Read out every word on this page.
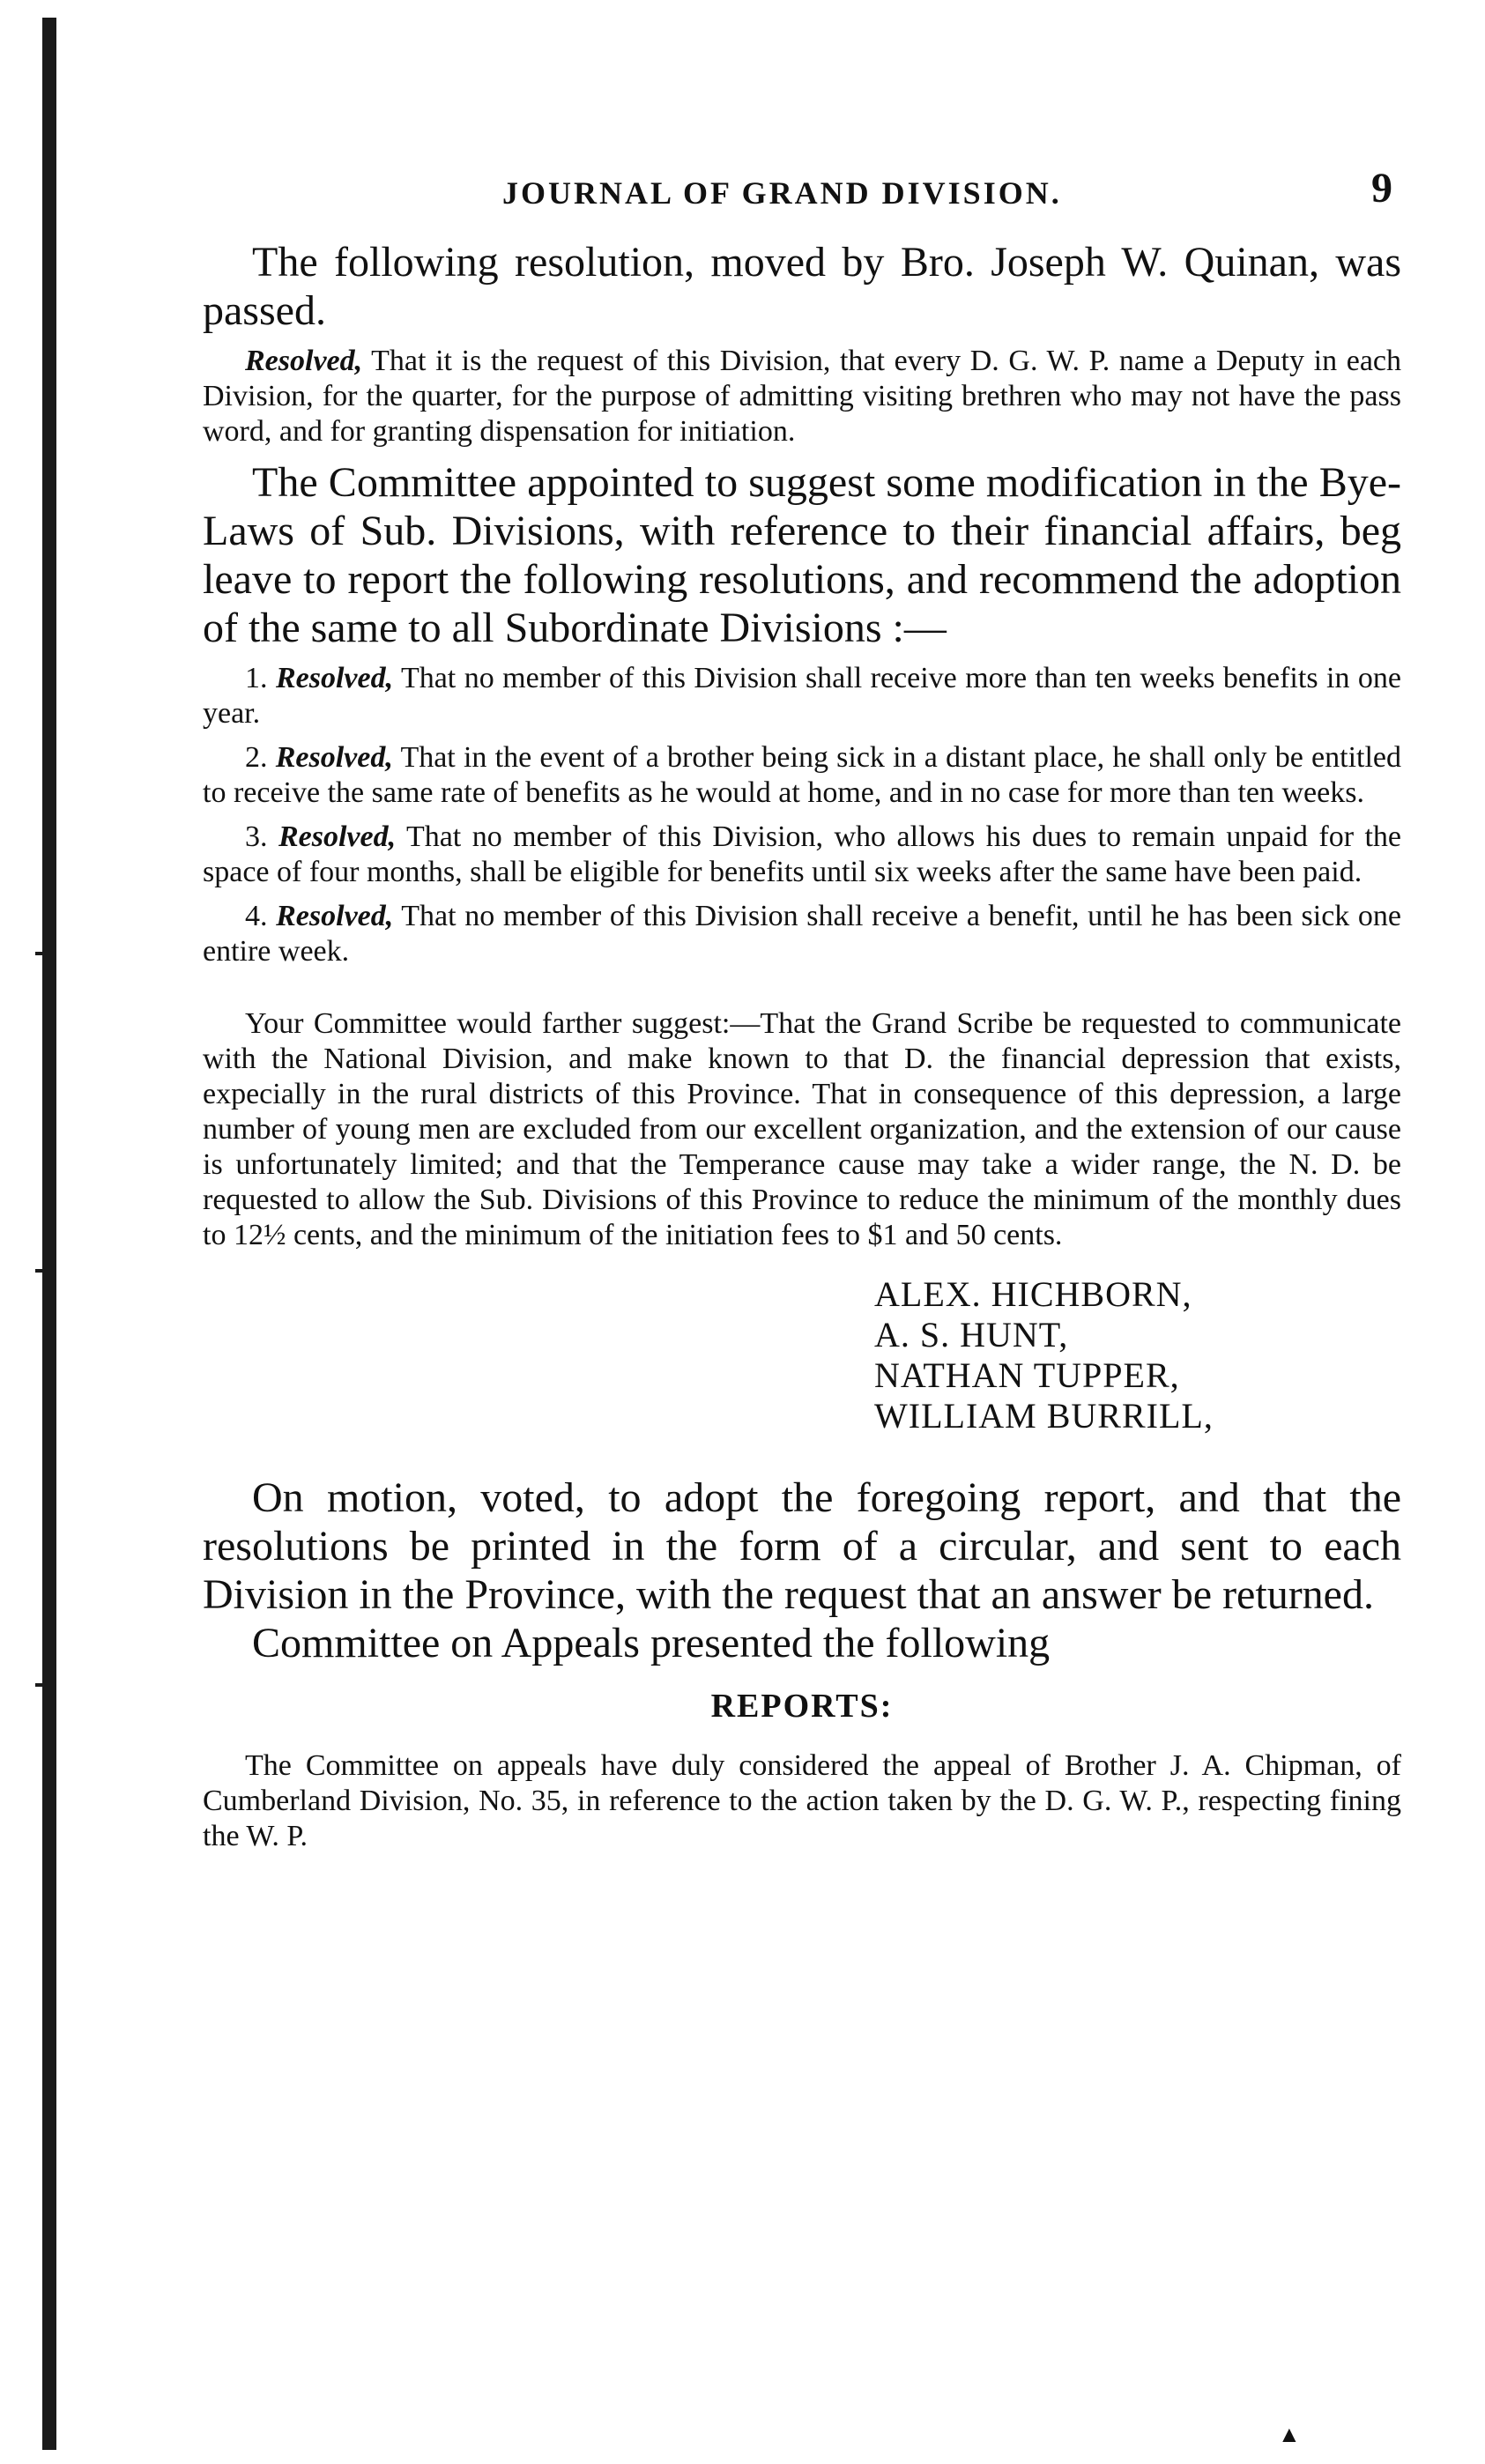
JOURNAL OF GRAND DIVISION.	9

The following resolution, moved by Bro. Joseph W. Quinan, was passed.

Resolved, That it is the request of this Division, that every D. G. W. P. name a Deputy in each Division, for the quarter, for the purpose of admitting visiting brethren who may not have the pass word, and for granting dispensation for initiation.

The Committee appointed to suggest some modification in the Bye-Laws of Sub. Divisions, with reference to their financial affairs, beg leave to report the following resolutions, and recommend the adoption of the same to all Subordinate Divisions :—

1. Resolved, That no member of this Division shall receive more than ten weeks benefits in one year.

2. Resolved, That in the event of a brother being sick in a distant place, he shall only be entitled to receive the same rate of benefits as he would at home, and in no case for more than ten weeks.

3. Resolved, That no member of this Division, who allows his dues to remain unpaid for the space of four months, shall be eligible for benefits until six weeks after the same have been paid.

4. Resolved, That no member of this Division shall receive a benefit, until he has been sick one entire week.

Your Committee would farther suggest:—That the Grand Scribe be requested to communicate with the National Division, and make known to that D. the financial depression that exists, expecially in the rural districts of this Province. That in consequence of this depression, a large number of young men are excluded from our excellent organization, and the extension of our cause is unfortunately limited; and that the Temperance cause may take a wider range, the N. D. be requested to allow the Sub. Divisions of this Province to reduce the minimum of the monthly dues to 12½ cents, and the minimum of the initiation fees to $1 and 50 cents.

ALEX. HICHBORN,
A. S. HUNT,
NATHAN TUPPER,
WILLIAM BURRILL,

On motion, voted, to adopt the foregoing report, and that the resolutions be printed in the form of a circular, and sent to each Division in the Province, with the request that an answer be returned.

Committee on Appeals presented the following

REPORTS:

The Committee on appeals have duly considered the appeal of Brother J. A. Chipman, of Cumberland Division, No. 35, in reference to the action taken by the D. G. W. P., respecting fining the W. P.

▲
